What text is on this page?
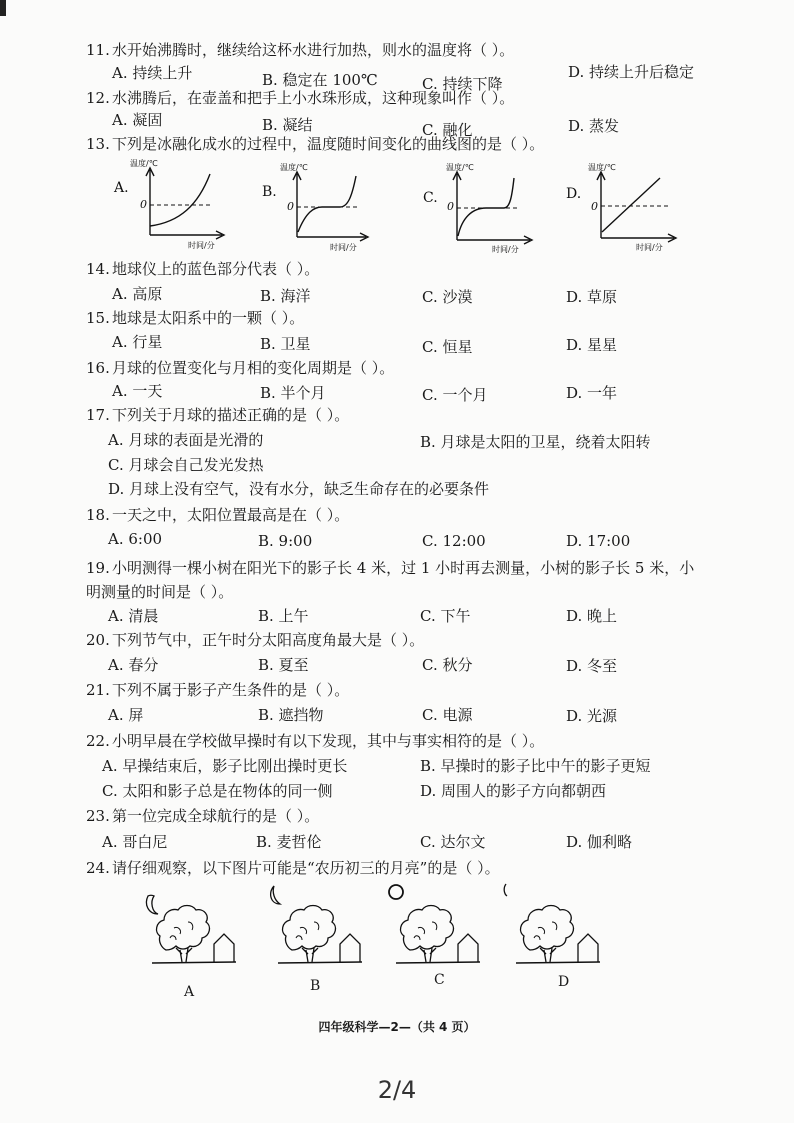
11. 水开始沸腾时，继续给这杯水进行加热，则水的温度将（ ）。
A. 持续上升	B. 稳定在 100℃	C. 持续下降
D. 持续上升后稳定
12. 水沸腾后，在壶盖和把手上小水珠形成，这种现象叫作（ ）。
A. 凝固	B. 凝结	C. 融化	D. 蒸发
13. 下列是冰融化成水的过程中，温度随时间变化的曲线图的是（ ）。
A.
温度/℃
0
时间/分
B.
温度/℃
0
时间/分
C.
温度/℃
0
时间/分
D.
温度/℃
0
时间/分
14. 地球仪上的蓝色部分代表（ ）。
A. 高原	B. 海洋	C. 沙漠	D. 草原
15. 地球是太阳系中的一颗（ ）。
A. 行星	B. 卫星	C. 恒星	D. 星星
16. 月球的位置变化与月相的变化周期是（ ）。
A. 一天	B. 半个月	C. 一个月	D. 一年
17. 下列关于月球的描述正确的是（ ）。
A. 月球的表面是光滑的	B. 月球是太阳的卫星，绕着太阳转
C. 月球会自己发光发热
D. 月球上没有空气，没有水分，缺乏生命存在的必要条件
18. 一天之中，太阳位置最高是在（ ）。
A. 6:00	B. 9:00	C. 12:00	D. 17:00
19. 小明测得一棵小树在阳光下的影子长 4 米，过 1 小时再去测量，小树的影子长 5 米，小
明测量的时间是（ ）。
A. 清晨	B. 上午	C. 下午	D. 晚上
20. 下列节气中，正午时分太阳高度角最大是（ ）。
A. 春分	B. 夏至	C. 秋分	D. 冬至
21. 下列不属于影子产生条件的是（ ）。
A. 屏	B. 遮挡物	C. 电源	D. 光源
22. 小明早晨在学校做早操时有以下发现，其中与事实相符的是（ ）。
A. 早操结束后，影子比刚出操时更长	B. 早操时的影子比中午的影子更短
C. 太阳和影子总是在物体的同一侧	D. 周围人的影子方向都朝西
23. 第一位完成全球航行的是（ ）。
A. 哥白尼	B. 麦哲伦	C. 达尔文	D. 伽利略
24. 请仔细观察，以下图片可能是“农历初三的月亮”的是（ ）。
A	B	C	D
四年级科学—2—（共 4 页）
2/4
